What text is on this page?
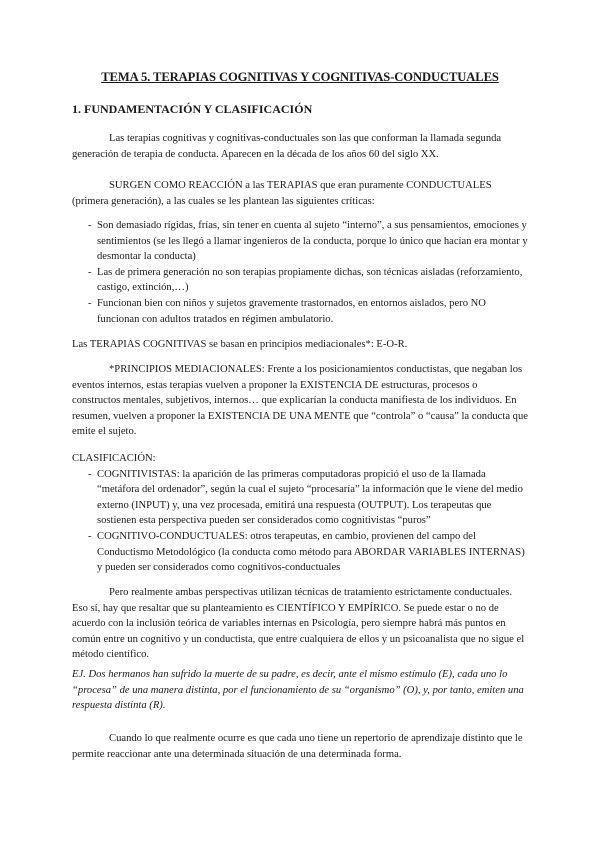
TEMA 5. TERAPIAS COGNITIVAS Y COGNITIVAS-CONDUCTUALES
1. FUNDAMENTACIÓN Y CLASIFICACIÓN

Las terapias cognitivas y cognitivas-conductuales son las que conforman la llamada segunda generación de terapia de conducta. Aparecen en la década de los años 60 del siglo XX.

SURGEN COMO REACCIÓN a las TERAPIAS que eran puramente CONDUCTUALES (primera generación), a las cuales se les plantean las siguientes críticas:

- Son demasiado rígidas, frías, sin tener en cuenta al sujeto “interno”, a sus pensamientos, emociones y sentimientos (se les llegó a llamar ingenieros de la conducta, porque lo único que hacían era montar y desmontar la conducta)
- Las de primera generación no son terapias propiamente dichas, son técnicas aisladas (reforzamiento, castigo, extinción,…)
- Funcionan bien con niños y sujetos gravemente trastornados, en entornos aislados, pero NO funcionan con adultos tratados en régimen ambulatorio.

Las TERAPIAS COGNITIVAS se basan en principios mediacionales*: E-O-R.

*PRINCIPIOS MEDIACIONALES: Frente a los posicionamientos conductistas, que negaban los eventos internos, estas terapias vuelven a proponer la EXISTENCIA DE estructuras, procesos o constructos mentales, subjetivos, internos… que explicarían la conducta manifiesta de los individuos. En resumen, vuelven a proponer la EXISTENCIA DE UNA MENTE que “controla” o “causa” la conducta que emite el sujeto.

CLASIFICACIÓN:

- COGNITIVISTAS: la aparición de las primeras computadoras propició el uso de la llamada “metáfora del ordenador”, según la cual el sujeto “procesaría” la información que le viene del medio externo (INPUT) y, una vez procesada, emitirá una respuesta (OUTPUT). Los terapeutas que sostienen esta perspectiva pueden ser considerados como cognitivistas “puros”
- COGNITIVO-CONDUCTUALES: otros terapeutas, en cambio, provienen del campo del Conductismo Metodológico (la conducta como método para ABORDAR VARIABLES INTERNAS) y pueden ser considerados como cognitivos-conductuales

Pero realmente ambas perspectivas utilizan técnicas de tratamiento estrictamente conductuales. Eso sí, hay que resaltar que su planteamiento es CIENTÍFICO Y EMPÍRICO. Se puede estar o no de acuerdo con la inclusión teórica de variables internas en Psicología, pero siempre habrá más puntos en común entre un cognitivo y un conductista, que entre cualquiera de ellos y un psicoanalista que no sigue el método científico.

EJ. Dos hermanos han sufrido la muerte de su padre, es decir, ante el mismo estímulo (E), cada uno lo “procesa” de una manera distinta, por el funcionamiento de su “organismo” (O), y, por tanto, emiten una respuesta distinta (R).

Cuando lo que realmente ocurre es que cada uno tiene un repertorio de aprendizaje distinto que le permite reaccionar ante una determinada situación de una determinada forma.
